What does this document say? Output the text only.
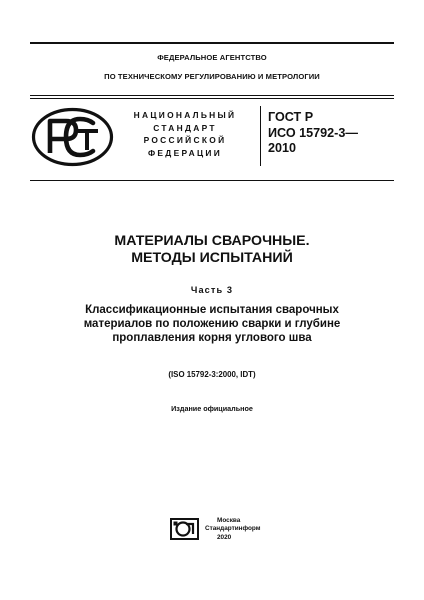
ФЕДЕРАЛЬНОЕ АГЕНТСТВО
ПО ТЕХНИЧЕСКОМУ РЕГУЛИРОВАНИЮ И МЕТРОЛОГИИ
НАЦИОНАЛЬНЫЙ
СТАНДАРТ
РОССИЙСКОЙ
ФЕДЕРАЦИИ
ГОСТ Р
ИСО 15792-3—
2010
МАТЕРИАЛЫ СВАРОЧНЫЕ.
МЕТОДЫ ИСПЫТАНИЙ
Часть 3
Классификационные испытания сварочных
материалов по положению сварки и глубине
проплавления корня углового шва
(ISO 15792-3:2000, IDT)
Издание официальное
Москва
Стандартинформ
2020
